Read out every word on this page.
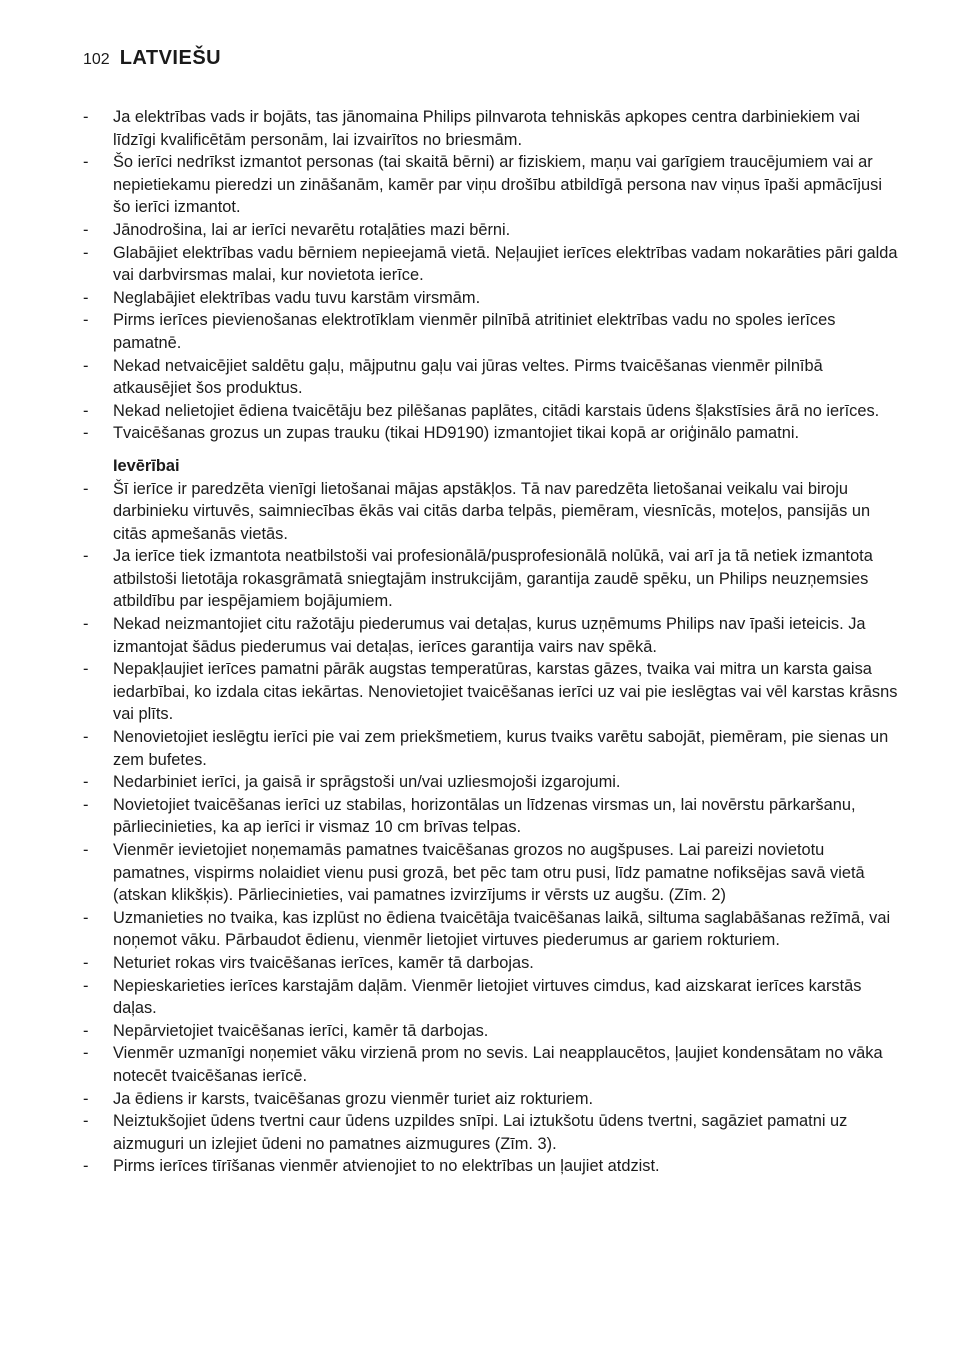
102 LATVIEŠU
- Ja elektrības vads ir bojāts, tas jānomaina Philips pilnvarota tehniskās apkopes centra darbiniekiem vai līdzīgi kvalificētām personām, lai izvairītos no briesmām.
- Šo ierīci nedrīkst izmantot personas (tai skaitā bērni) ar fiziskiem, maņu vai garīgiem traucējumiem vai ar nepietiekamu pieredzi un zināšanām, kamēr par viņu drošību atbildīgā persona nav viņus īpaši apmācījusi šo ierīci izmantot.
- Jānodrošina, lai ar ierīci nevarētu rotaļāties mazi bērni.
- Glabājiet elektrības vadu bērniem nepieejamā vietā. Neļaujiet ierīces elektrības vadam nokarāties pāri galda vai darbvirsmas malai, kur novietota ierīce.
- Neglabājiet elektrības vadu tuvu karstām virsmām.
- Pirms ierīces pievienošanas elektrotīklam vienmēr pilnībā atritiniet elektrības vadu no spoles ierīces pamatnē.
- Nekad netvaicējiet saldētu gaļu, mājputnu gaļu vai jūras veltes. Pirms tvaicēšanas vienmēr pilnībā atkausējiet šos produktus.
- Nekad nelietojiet ēdiena tvaicētāju bez pilēšanas paplātes, citādi karstais ūdens šļakstīsies ārā no ierīces.
- Tvaicēšanas grozus un zupas trauku (tikai HD9190) izmantojiet tikai kopā ar oriģinālo pamatni.
Ievērībai
- Šī ierīce ir paredzēta vienīgi lietošanai mājas apstākļos. Tā nav paredzēta lietošanai veikalu vai biroju darbinieku virtuvēs, saimniecības ēkās vai citās darba telpās, piemēram, viesnīcās, moteļos, pansijās un citās apmešanās vietās.
- Ja ierīce tiek izmantota neatbilstoši vai profesionālā/pusprofesionālā nolūkā, vai arī ja tā netiek izmantota atbilstoši lietotāja rokasgrāmatā sniegtajām instrukcijām, garantija zaudē spēku, un Philips neuzņemsies atbildību par iespējamiem bojājumiem.
- Nekad neizmantojiet citu ražotāju piederumus vai detaļas, kurus uzņēmums Philips nav īpaši ieteicis. Ja izmantojat šādus piederumus vai detaļas, ierīces garantija vairs nav spēkā.
- Nepakļaujiet ierīces pamatni pārāk augstas temperatūras, karstas gāzes, tvaika vai mitra un karsta gaisa iedarbībai, ko izdala citas iekārtas. Nenovietojiet tvaicēšanas ierīci uz vai pie ieslēgtas vai vēl karstas krāsns vai plīts.
- Nenovietojiet ieslēgtu ierīci pie vai zem priekšmetiem, kurus tvaiks varētu sabojāt, piemēram, pie sienas un zem bufetes.
- Nedarbiniet ierīci, ja gaisā ir sprāgstoši un/vai uzliesmojoši izgarojumi.
- Novietojiet tvaicēšanas ierīci uz stabilas, horizontālas un līdzenas virsmas un, lai novērstu pārkaršanu, pārliecinieties, ka ap ierīci ir vismaz 10 cm brīvas telpas.
- Vienmēr ievietojiet noņemamās pamatnes tvaicēšanas grozos no augšpuses. Lai pareizi novietotu pamatnes, vispirms nolaidiet vienu pusi grozā, bet pēc tam otru pusi, līdz pamatne nofiksējas savā vietā (atskan klikšķis). Pārliecinieties, vai pamatnes izvirzījums ir vērsts uz augšu. (Zīm. 2)
- Uzmanieties no tvaika, kas izplūst no ēdiena tvaicētāja tvaicēšanas laikā, siltuma saglabāšanas režīmā, vai noņemot vāku. Pārbaudot ēdienu, vienmēr lietojiet virtuves piederumus ar gariem rokturiem.
- Neturiet rokas virs tvaicēšanas ierīces, kamēr tā darbojas.
- Nepieskarieties ierīces karstajām daļām. Vienmēr lietojiet virtuves cimdus, kad aizskarat ierīces karstās daļas.
- Nepārvietojiet tvaicēšanas ierīci, kamēr tā darbojas.
- Vienmēr uzmanīgi noņemiet vāku virzienā prom no sevis. Lai neapplaucētos, ļaujiet kondensātam no vāka notecēt tvaicēšanas ierīcē.
- Ja ēdiens ir karsts, tvaicēšanas grozu vienmēr turiet aiz rokturiem.
- Neiztukšojiet ūdens tvertni caur ūdens uzpildes snīpi. Lai iztukšotu ūdens tvertni, sagāziet pamatni uz aizmuguri un izlejiet ūdeni no pamatnes aizmugures (Zīm. 3).
- Pirms ierīces tīrīšanas vienmēr atvienojiet to no elektrības un ļaujiet atdzist.
